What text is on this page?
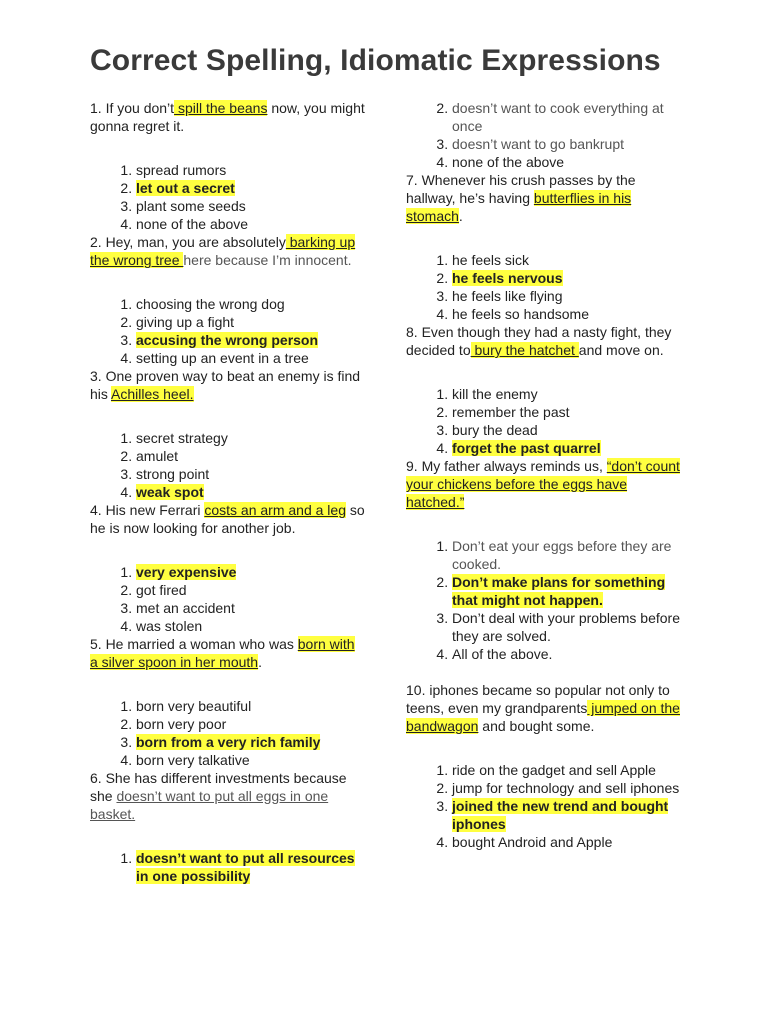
Correct Spelling, Idiomatic Expressions

1. If you don’t spill the beans now, you might gonna regret it.

1. spread rumors
2. let out a secret
3. plant some seeds
4. none of the above

2. Hey, man, you are absolutely barking up the wrong tree here because I’m innocent.

1. choosing the wrong dog
2. giving up a fight
3. accusing the wrong person
4. setting up an event in a tree

3. One proven way to beat an enemy is find his Achilles heel.

1. secret strategy
2. amulet
3. strong point
4. weak spot

4. His new Ferrari costs an arm and a leg so he is now looking for another job.

1. very expensive
2. got fired
3. met an accident
4. was stolen

5. He married a woman who was born with a silver spoon in her mouth.

1. born very beautiful
2. born very poor
3. born from a very rich family
4. born very talkative

6. She has different investments because she doesn’t want to put all eggs in one basket.

1. doesn’t want to put all resources in one possibility
2. doesn’t want to cook everything at once
3. doesn’t want to go bankrupt
4. none of the above

7. Whenever his crush passes by the hallway, he’s having butterflies in his stomach.

1. he feels sick
2. he feels nervous
3. he feels like flying
4. he feels so handsome

8. Even though they had a nasty fight, they decided to bury the hatchet and move on.

1. kill the enemy
2. remember the past
3. bury the dead
4. forget the past quarrel

9. My father always reminds us, “don’t count your chickens before the eggs have hatched.”

1. Don’t eat your eggs before they are cooked.
2. Don’t make plans for something that might not happen.
3. Don’t deal with your problems before they are solved.
4. All of the above.

10. iphones became so popular not only to teens, even my grandparents jumped on the bandwagon and bought some.

1. ride on the gadget and sell Apple
2. jump for technology and sell iphones
3. joined the new trend and bought iphones
4. bought Android and Apple
